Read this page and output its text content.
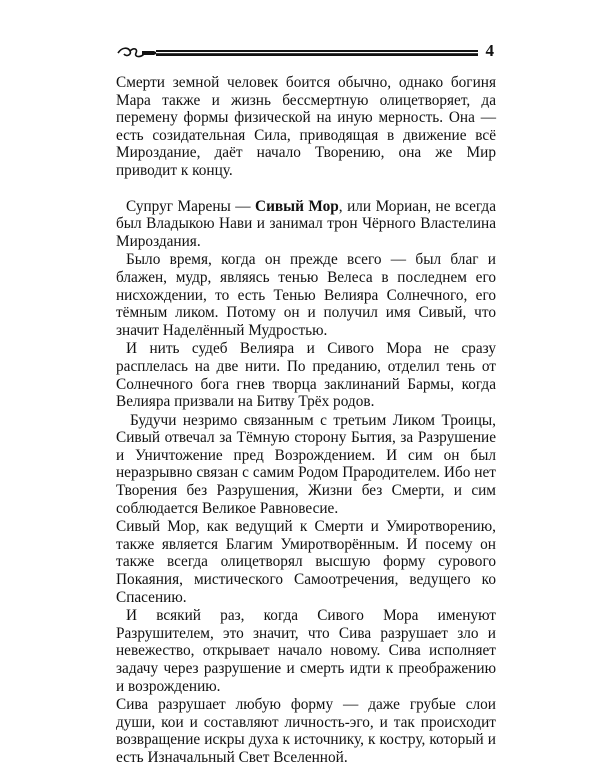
4

Смерти земной человек боится обычно, однако богиня Мара также и жизнь бессмертную олицетворяет, да перемену формы физической на иную мерность. Она — есть созидательная Сила, приводящая в движение всё Мироздание, даёт начало Творению, она же Мир приводит к концу.

Супруг Марены — Сивый Мор, или Мориан, не всегда был Владыкою Нави и занимал трон Чёрного Властелина Мироздания.

Было время, когда он прежде всего — был благ и блажен, мудр, являясь тенью Велеса в последнем его нисхождении, то есть Тенью Велияра Солнечного, его тёмным ликом. Потому он и получил имя Сивый, что значит Наделённый Мудростью.

И нить судеб Велияра и Сивого Мора не сразу расплелась на две нити. По преданию, отделил тень от Солнечного бога гнев творца заклинаний Бармы, когда Велияра призвали на Битву Трёх родов.

Будучи незримо связанным с третьим Ликом Троицы, Сивый отвечал за Тёмную сторону Бытия, за Разрушение и Уничтожение пред Возрождением. И сим он был неразрывно связан с самим Родом Прародителем. Ибо нет Творения без Разрушения, Жизни без Смерти, и сим соблюдается Великое Равновесие.

Сивый Мор, как ведущий к Смерти и Умиротворению, также является Благим Умиротворённым. И посему он также всегда олицетворял высшую форму сурового Покаяния, мистического Самоотречения, ведущего ко Спасению.

И всякий раз, когда Сивого Мора именуют Разрушителем, это значит, что Сива разрушает зло и невежество, открывает начало новому. Сива исполняет задачу через разрушение и смерть идти к преображению и возрождению.

Сива разрушает любую форму — даже грубые слои души, кои и составляют личность-эго, и так происходит возвращение искры духа к источнику, к костру, который и есть Изначальный Свет Вселенной.
